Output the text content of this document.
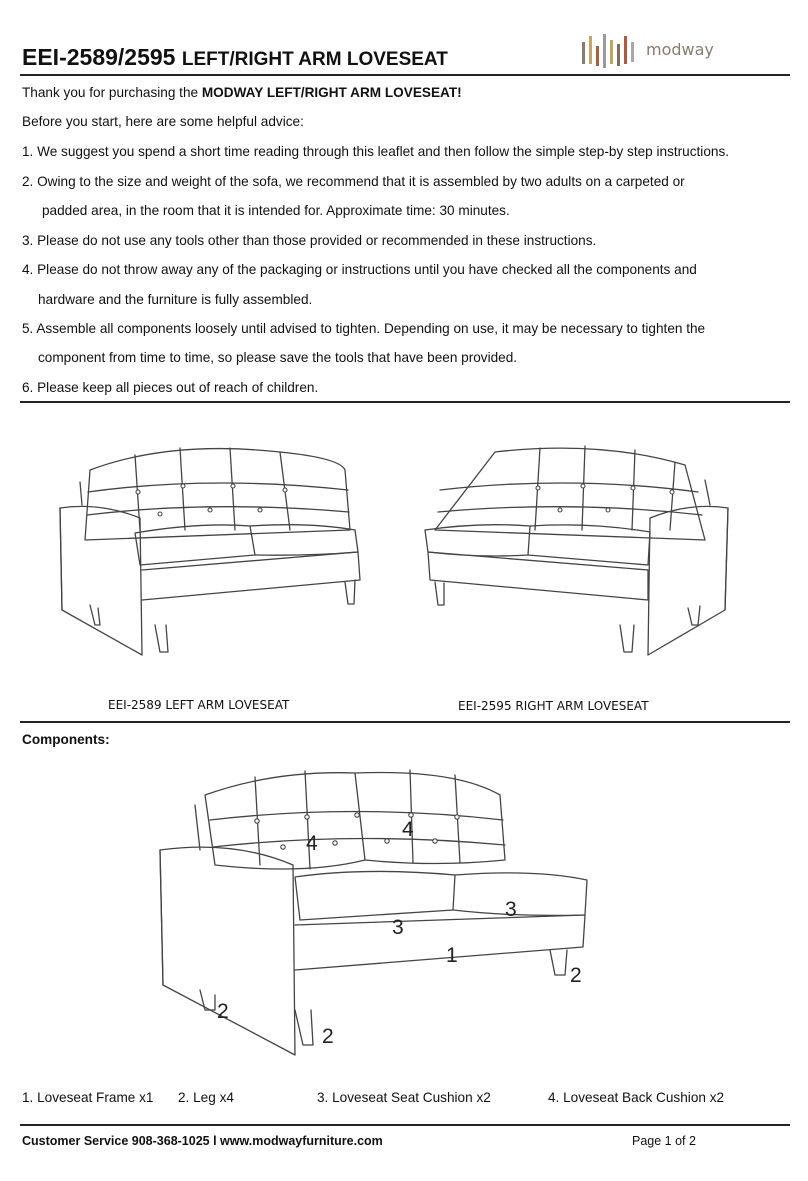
EEI-2589/2595 LEFT/RIGHT ARM LOVESEAT	modway
Thank you for purchasing the MODWAY LEFT/RIGHT ARM LOVESEAT!
Before you start, here are some helpful advice:
1. We suggest you spend a short time reading through this leaflet and then follow the simple step-by step instructions.
2. Owing to the size and weight of the sofa, we recommend that it is assembled by two adults on a carpeted or
padded area, in the room that it is intended for. Approximate time: 30 minutes.
3. Please do not use any tools other than those provided or recommended in these instructions.
4. Please do not throw away any of the packaging or instructions until you have checked all the components and
hardware and the furniture is fully assembled.
5. Assemble all components loosely until advised to tighten. Depending on use, it may be necessary to tighten the
component from time to time, so please save the tools that have been provided.
6. Please keep all pieces out of reach of children.
EEI-2589 LEFT ARM LOVESEAT	EEI-2595 RIGHT ARM LOVESEAT
Components:
4
4
3
3
1
2
2
2
1. Loveseat Frame x1 2. Leg x4	3. Loveseat Seat Cushion x2	4. Loveseat Back Cushion x2
Customer Service 908-368-1025 l www.modwayfurniture.com	Page 1 of 2
